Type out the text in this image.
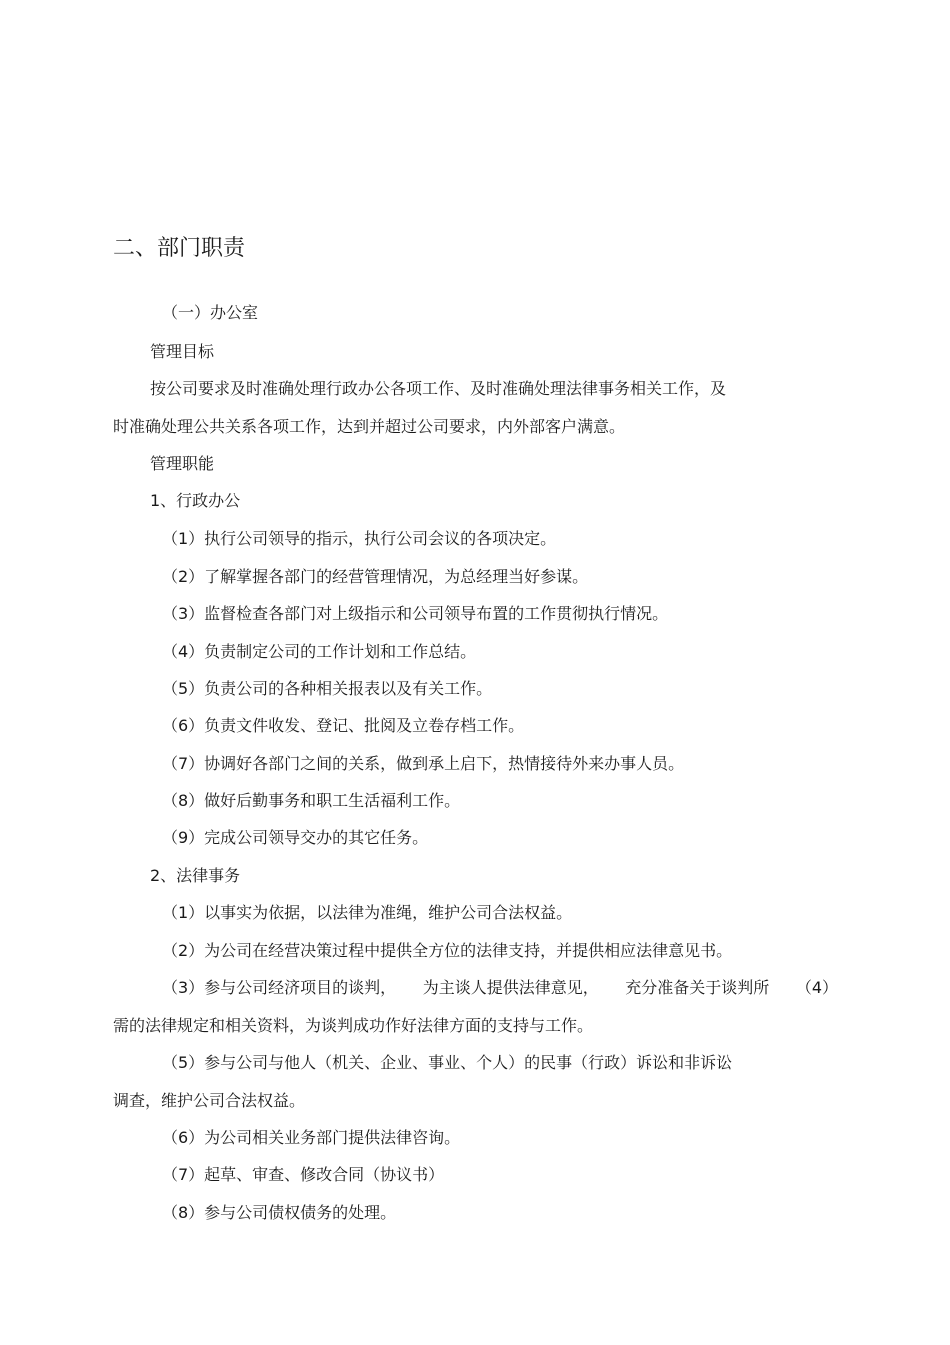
二、部门职责
（一）办公室
管理目标
按公司要求及时准确处理行政办公各项工作、及时准确处理法律事务相关工作，及
时准确处理公共关系各项工作，达到并超过公司要求，内外部客户满意。
管理职能
1、行政办公
（1）执行公司领导的指示，执行公司会议的各项决定。
（2）了解掌握各部门的经营管理情况，为总经理当好参谋。
（3）监督检查各部门对上级指示和公司领导布置的工作贯彻执行情况。
（4）负责制定公司的工作计划和工作总结。
（5）负责公司的各种相关报表以及有关工作。
（6）负责文件收发、登记、批阅及立卷存档工作。
（7）协调好各部门之间的关系，做到承上启下，热情接待外来办事人员。
（8）做好后勤事务和职工生活福利工作。
（9）完成公司领导交办的其它任务。
2、法律事务
（1）以事实为依据，以法律为准绳，维护公司合法权益。
（2）为公司在经营决策过程中提供全方位的法律支持，并提供相应法律意见书。
（3）参与公司经济项目的谈判， 为主谈人提供法律意见， 充分准备关于谈判所 （4）
需的法律规定和相关资料，为谈判成功作好法律方面的支持与工作。
（5）参与公司与他人（机关、企业、事业、个人）的民事（行政）诉讼和非诉讼
调查，维护公司合法权益。
（6）为公司相关业务部门提供法律咨询。
（7）起草、审查、修改合同（协议书）
（8）参与公司债权债务的处理。
